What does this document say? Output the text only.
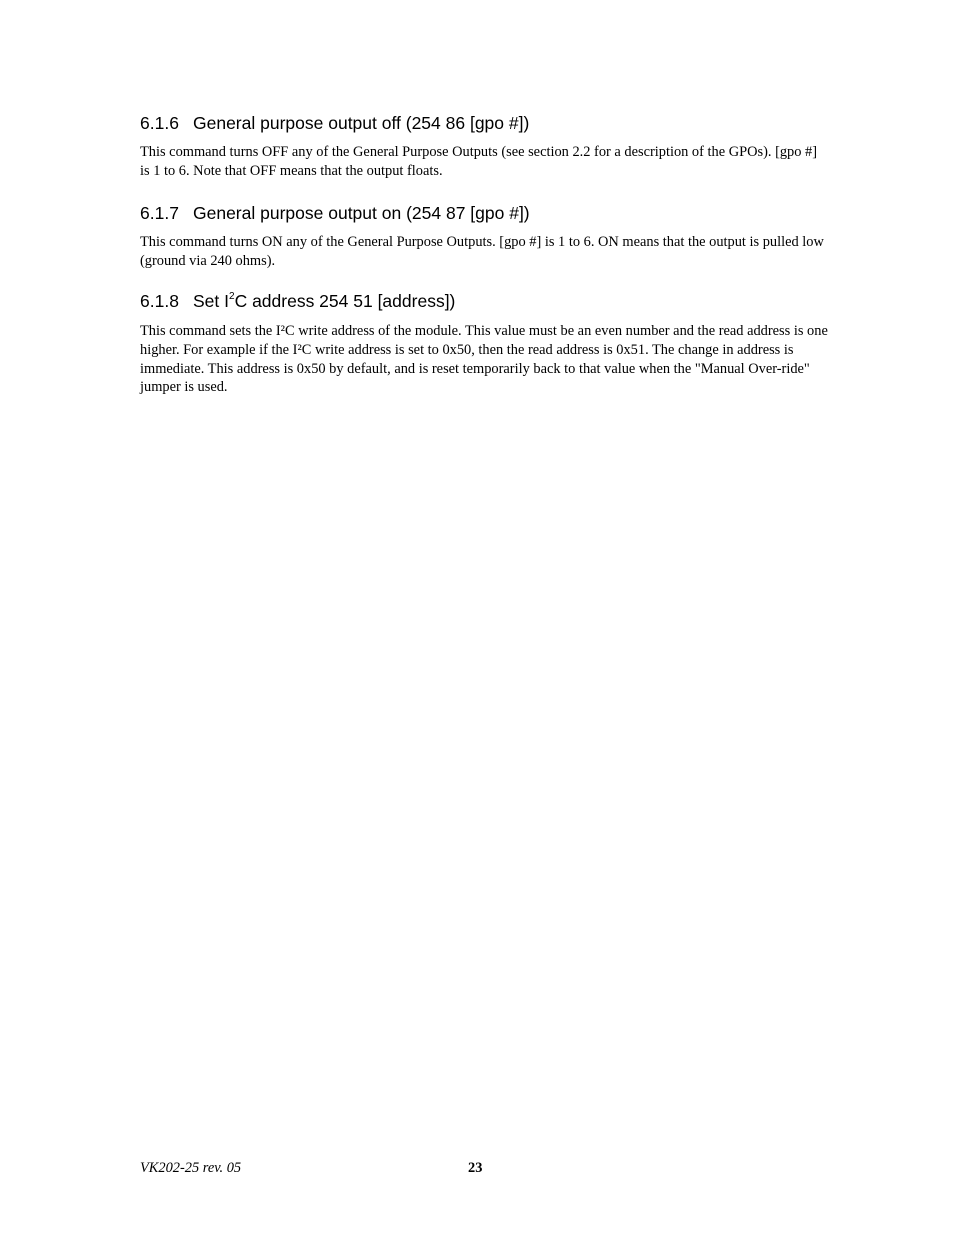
6.1.6 General purpose output off (254 86 [gpo #])

This command turns OFF any of the General Purpose Outputs (see section 2.2 for a description of the GPOs). [gpo #] is 1 to 6. Note that OFF means that the output floats.

6.1.7 General purpose output on (254 87 [gpo #])

This command turns ON any of the General Purpose Outputs. [gpo #] is 1 to 6. ON means that the output is pulled low (ground via 240 ohms).

6.1.8 Set $I^2C$ address 254 51 [address])

This command sets the I²C write address of the module. This value must be an even number and the read address is one higher. For example if the I²C write address is set to 0x50, then the read address is 0x51. The change in address is immediate. This address is 0x50 by default, and is reset temporarily back to that value when the "Manual Over-ride" jumper is used.

VK202-25 rev. 05	23
